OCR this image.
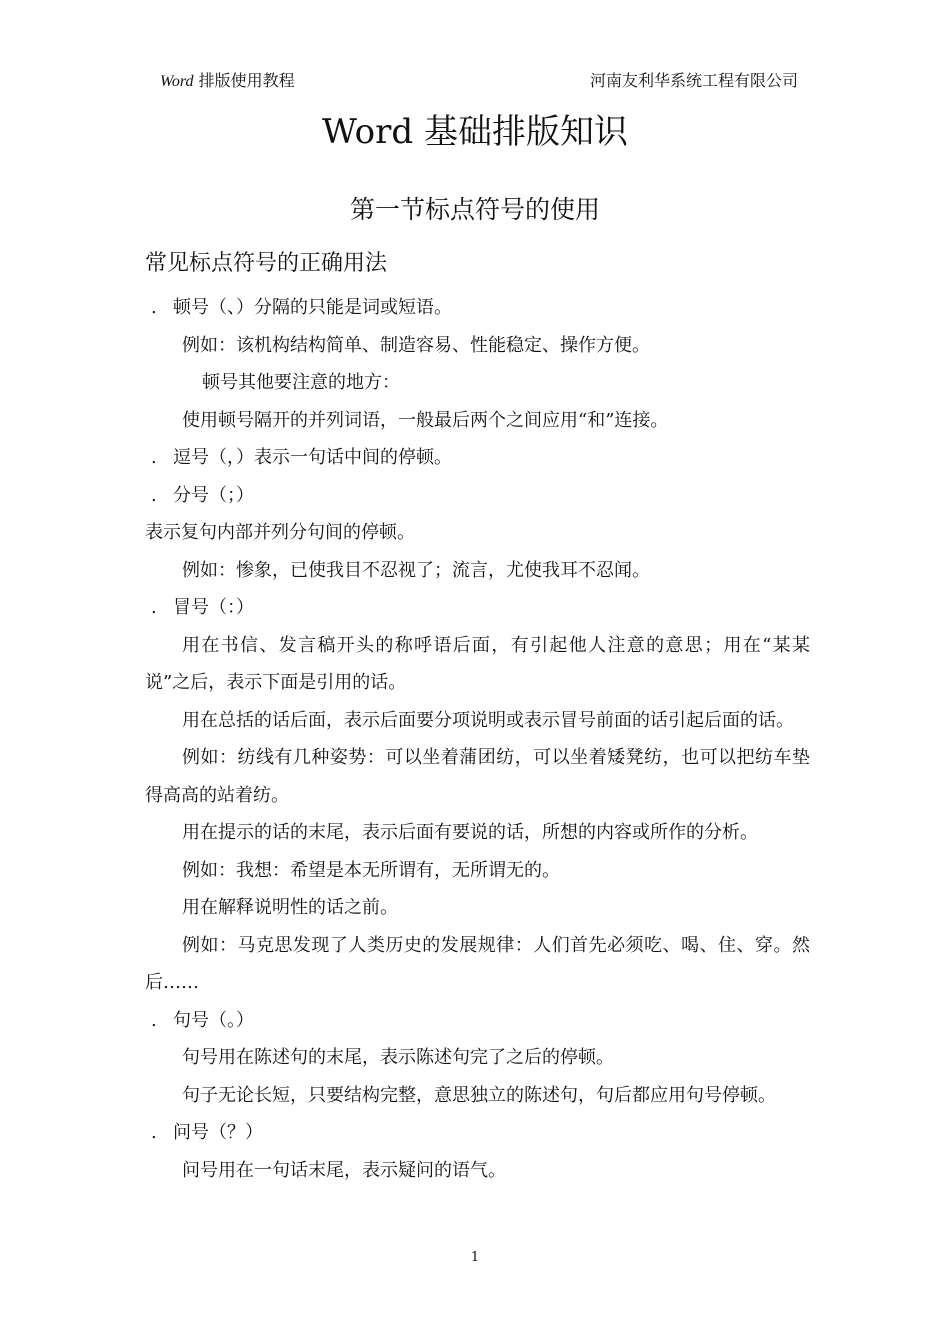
Word 排版使用教程	河南友利华系统工程有限公司
Word 基础排版知识
第一节标点符号的使用
常见标点符号的正确用法

. 顿号（、）分隔的只能是词或短语。

例如：该机构结构简单、制造容易、性能稳定、操作方便。

顿号其他要注意的地方：

使用顿号隔开的并列词语，一般最后两个之间应用“和”连接。

. 逗号（，）表示一句话中间的停顿。

. 分号（；）

表示复句内部并列分句间的停顿。

例如：惨象，已使我目不忍视了；流言，尤使我耳不忍闻。

. 冒号（：）

用在书信、发言稿开头的称呼语后面，有引起他人注意的意思；用在“某某说”之后，表示下面是引用的话。

用在总括的话后面，表示后面要分项说明或表示冒号前面的话引起后面的话。

例如：纺线有几种姿势：可以坐着蒲团纺，可以坐着矮凳纺，也可以把纺车垫得高高的站着纺。

用在提示的话的末尾，表示后面有要说的话，所想的内容或所作的分析。

例如：我想：希望是本无所谓有，无所谓无的。

用在解释说明性的话之前。

例如：马克思发现了人类历史的发展规律：人们首先必须吃、喝、住、穿。然后……

. 句号（。）

句号用在陈述句的末尾，表示陈述句完了之后的停顿。

句子无论长短，只要结构完整，意思独立的陈述句，句后都应用句号停顿。

. 问号（？）

问号用在一句话末尾，表示疑问的语气。

1
